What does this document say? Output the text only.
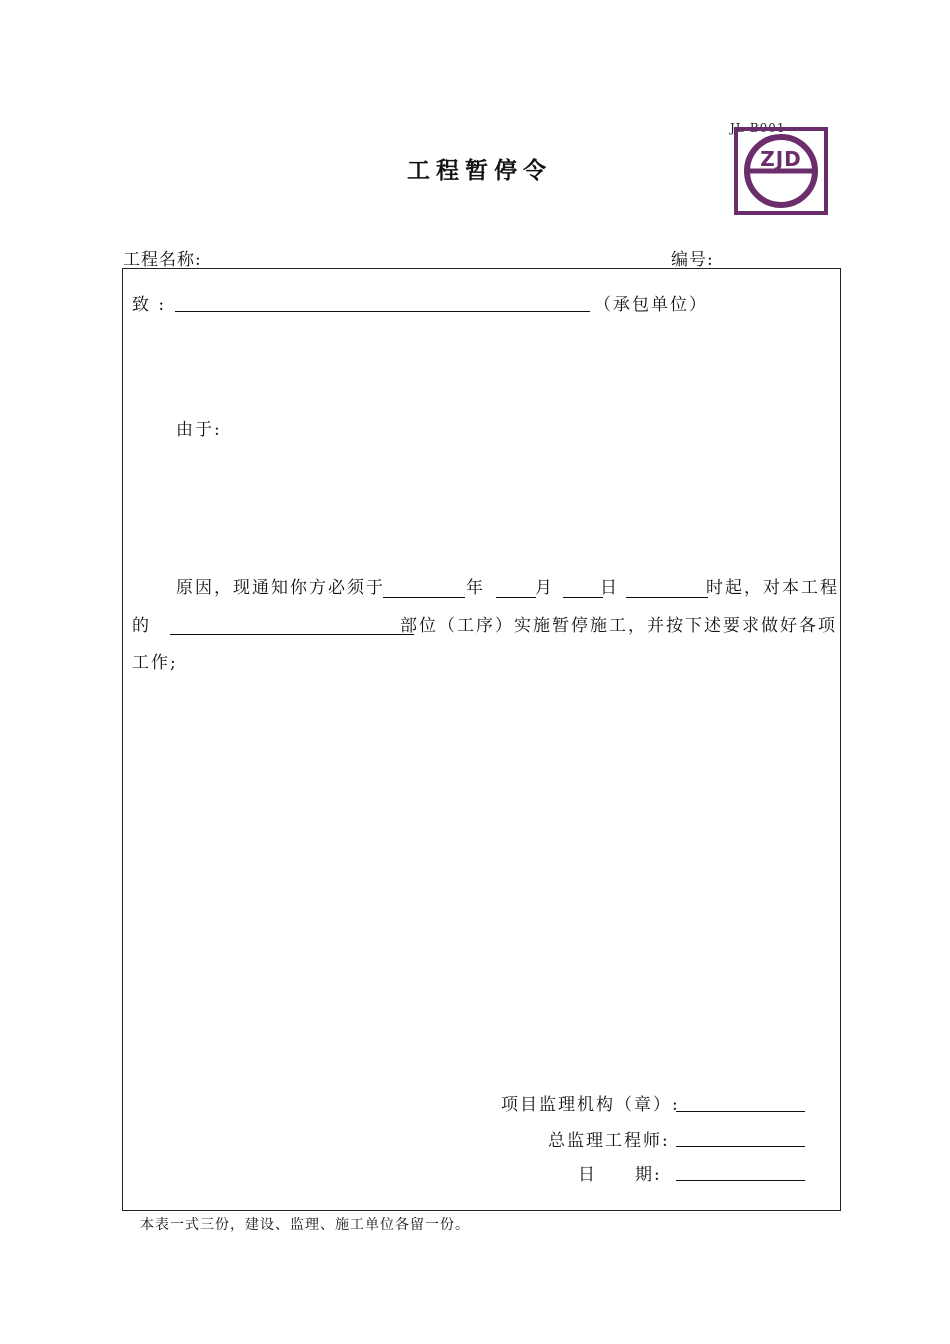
JL-B001
工程暂停令	ZJD
工程名称:	编号:
致 :	（承包单位）
由于:
原因，现通知你方必须于	年	月	日	时起，对本工程
的	部位（工序）实施暂停施工，并按下述要求做好各项
工作;
项目监理机构（章）:
总监理工程师:
日　　期:
本表一式三份，建设、监理、施工单位各留一份。
